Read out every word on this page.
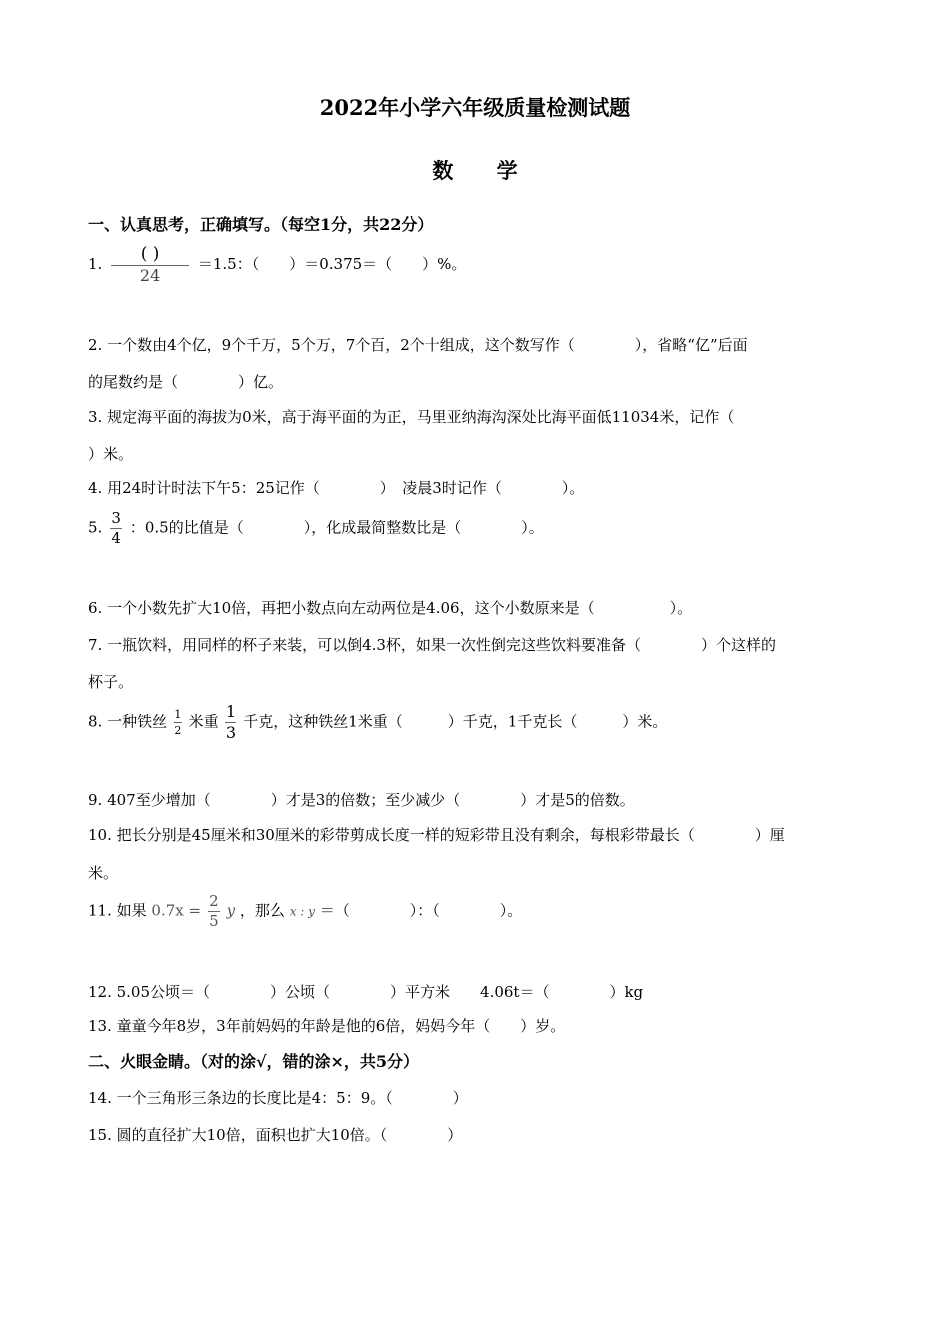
2022年小学六年级质量检测试题
数 学
一、认真思考，正确填写。（每空1分，共22分）
1. $\frac{( )}{24} =1.5$：（　　）＝0.375＝（　　）%。
2. 一个数由4个亿，9个千万，5个万，7个百，2个十组成，这个数写作（　　　　），省略“亿”后面
的尾数约是（　　　　）亿。
3. 规定海平面的海拔为0米，高于海平面的为正，马里亚纳海沟深处比海平面低11034米，记作（
）米。
4. 用24时计时法下午5：25记作（　　　　）　凌晨3时记作（　　　　）。
5. $\frac{3}{4}$ ：0.5的比值是（　　　　），化成最简整数比是（　　　　）。
6. 一个小数先扩大10倍，再把小数点向左动两位是4.06，这个小数原来是（　　　　　）。
7. 一瓶饮料，用同样的杯子来装，可以倒4.3杯，如果一次性倒完这些饮料要准备（　　　　）个这样的
杯子。
8. 一种铁丝 $\frac{1}{2}$ 米重 $\frac{1}{3}$ 千克，这种铁丝1米重（　　　）千克，1千克长（　　　）米。
9. 407至少增加（　　　　）才是3的倍数；至少减少（　　　　）才是5的倍数。
10. 把长分别是45厘米和30厘米的彩带剪成长度一样的短彩带且没有剩余，每根彩带最长（　　　　）厘
米。
11. 如果 $0.7x = \frac{2}{5}$ y ，那么 x : y ＝（　　　　）：（　　　　）。
12. 5.05公顷＝（　　　　）公顷（　　　　）平方米　　4.06t＝（　　　　）kg
13. 童童今年8岁，3年前妈妈的年龄是他的6倍，妈妈今年（　　）岁。
二、火眼金睛。（对的涂√，错的涂×，共5分）
14. 一个三角形三条边的长度比是4：5：9。（　　　　）
15. 圆的直径扩大10倍，面积也扩大10倍。（　　　　）
